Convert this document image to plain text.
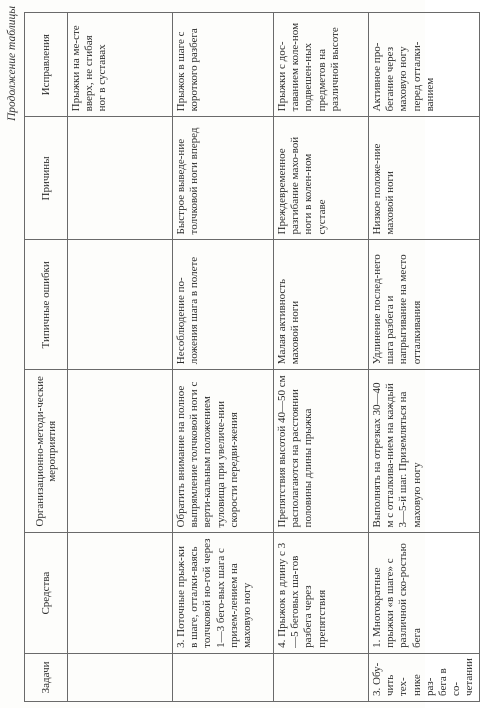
Продолжение таблицы
Задачи	Средства	Организационно-методи-ческие мероприятия	Типичные ошибки	Причины	Исправления
					Прыжки на ме-сте вверх, не сгибая ног в суставах
	3. Поточные прыж-ки в шаге, отталки-ваясь толчковой но-гой через 1—3 бего-вых шага с призем-лением на маховую ногу	Обратить внимание на полное выпрямление толчковой ноги с верти-кальным положением туловища при увеличе-нии скорости передви-жения	Несоблюдение по-ложения шага в полете	Быстрое выведе-ние толчковой ноги вперед	Прыжок в шаге с короткого разбега
	4. Прыжок в длину с 3—5 беговых ша-гов разбега через препятствия	Препятствия высотой 40—50 см располагаются на расстоянии половины длины прыжка	Малая активность маховой ноги	Преждевременное разгибание махо-вой ноги в колен-ном суставе	Прыжки с дос-таванием коле-ном подвешен-ных предметов на различной высоте
3. Обу-чить тех-нике раз-бега в со-четании	1. Многократные прыжки «в шаге» с различной ско-ростью бега	Выполнять на отрезках 30—40 м с отталкива-нием на каждый 3—5-й шаг. Приземляться на маховую ногу	Удлинение послед-него шага разбега и напрыгивание на место отталкивания	Низкое положе-ние маховой ноги	Активное про-бегание через маховую ногу перед отталки-ванием
